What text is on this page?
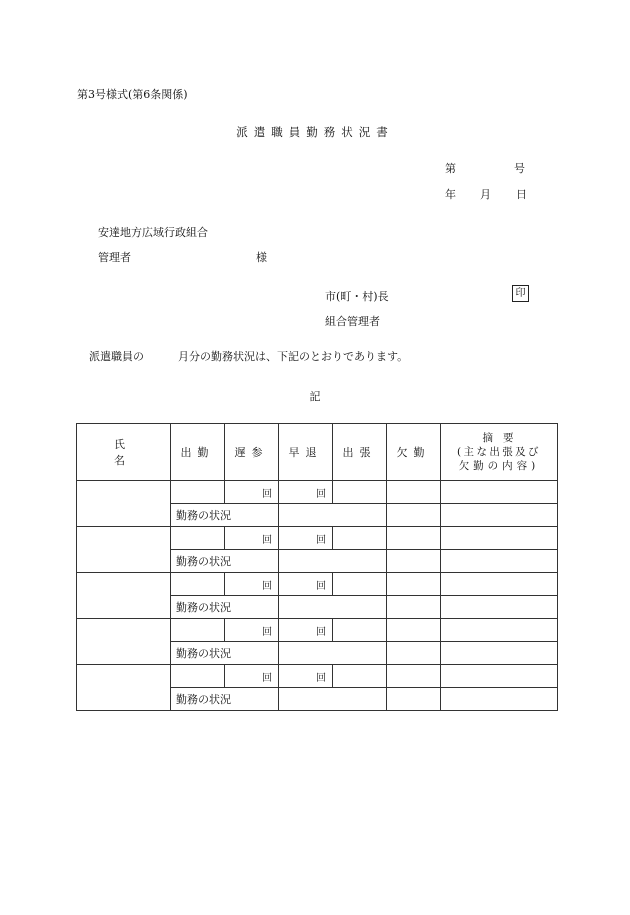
第3号様式(第6条関係)
派遣職員勤務状況書
第	号
年 月 日
安達地方広域行政組合
管理者	様
市(町・村)長	印
組合管理者
派遣職員の	月分の勤務状況は、下記のとおりであります。
記
氏名	出勤	遅参	早退	出張	欠勤	摘要
(主な出張及び
欠勤の内容)

		回	回			
	勤務の状況					
		回	回			
	勤務の状況					
		回	回			
	勤務の状況					
		回	回			
	勤務の状況					
		回	回			
	勤務の状況					
